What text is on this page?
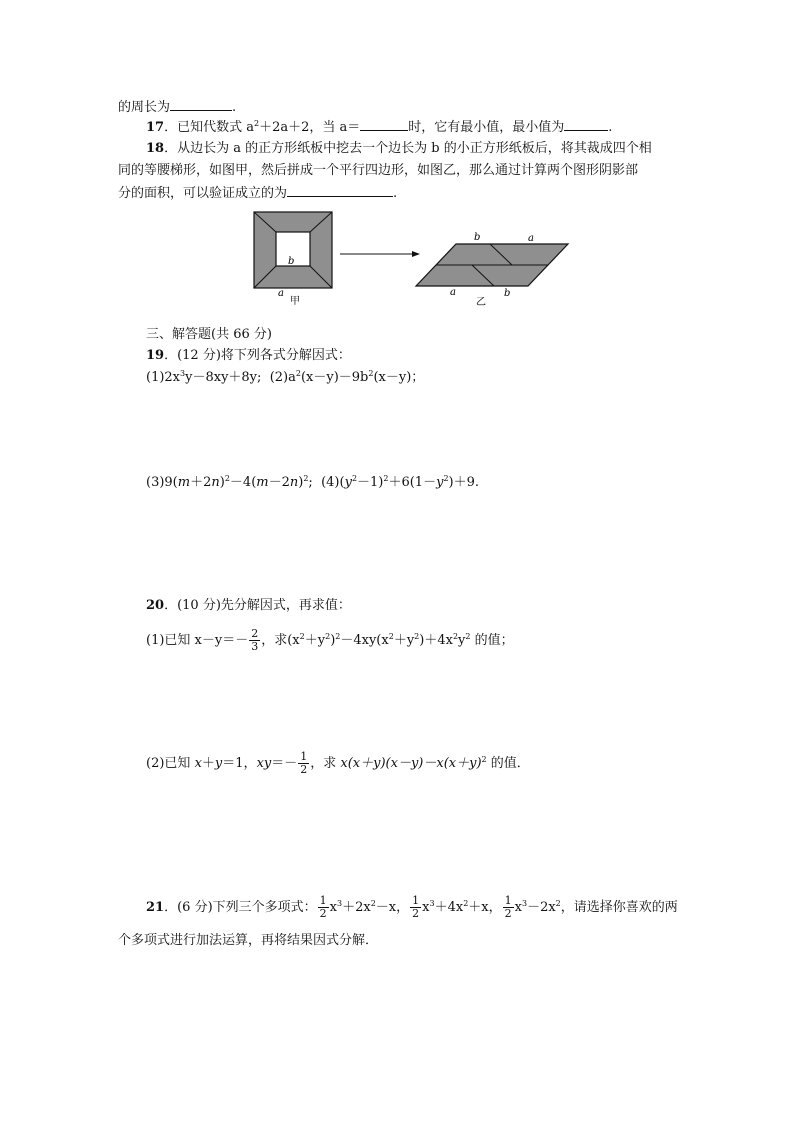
的周长为	.
17．已知代数式 $a^2+2a+2$，当 a＝	时，它有最小值，最小值为	.
18．从边长为 a 的正方形纸板中挖去一个边长为 b 的小正方形纸板后，将其裁成四个相
同的等腰梯形，如图甲，然后拼成一个平行四边形，如图乙，那么通过计算两个图形阴影部
分的面积，可以验证成立的为	.
b
a
甲
b	a
a	b
乙
三、解答题(共 66 分)
19．(12 分)将下列各式分解因式：
$(1)2x^3y-8xy+8y$; $(2)a^2(x-y)-9b^2(x-y)$；
$(3)9(m+2n)^2-4(m-2n)^2$; $(4)(y^2-1)^2+6(1-y^2)+9$.
20．(10 分)先分解因式，再求值：
(1)已知 $x-y=- \frac{2}{3}$ ，求$(x^2+y^2)^2-4xy(x^2+y^2)+4x^2y^2$ 的值；
(2)已知 x＋y＝1，$xy=- \frac{1}{2}$ ，求 $x(x+y)(x-y)-x(x+y)^2$ 的值．
21．(6 分)下列三个多项式： $\frac{1}{2} x^3+2x^2-x$， $\frac{1}{2} x^3+4x^2+x$， $\frac{1}{2} x^3-2x^2$，请选择你喜欢的两
个多项式进行加法运算，再将结果因式分解．
